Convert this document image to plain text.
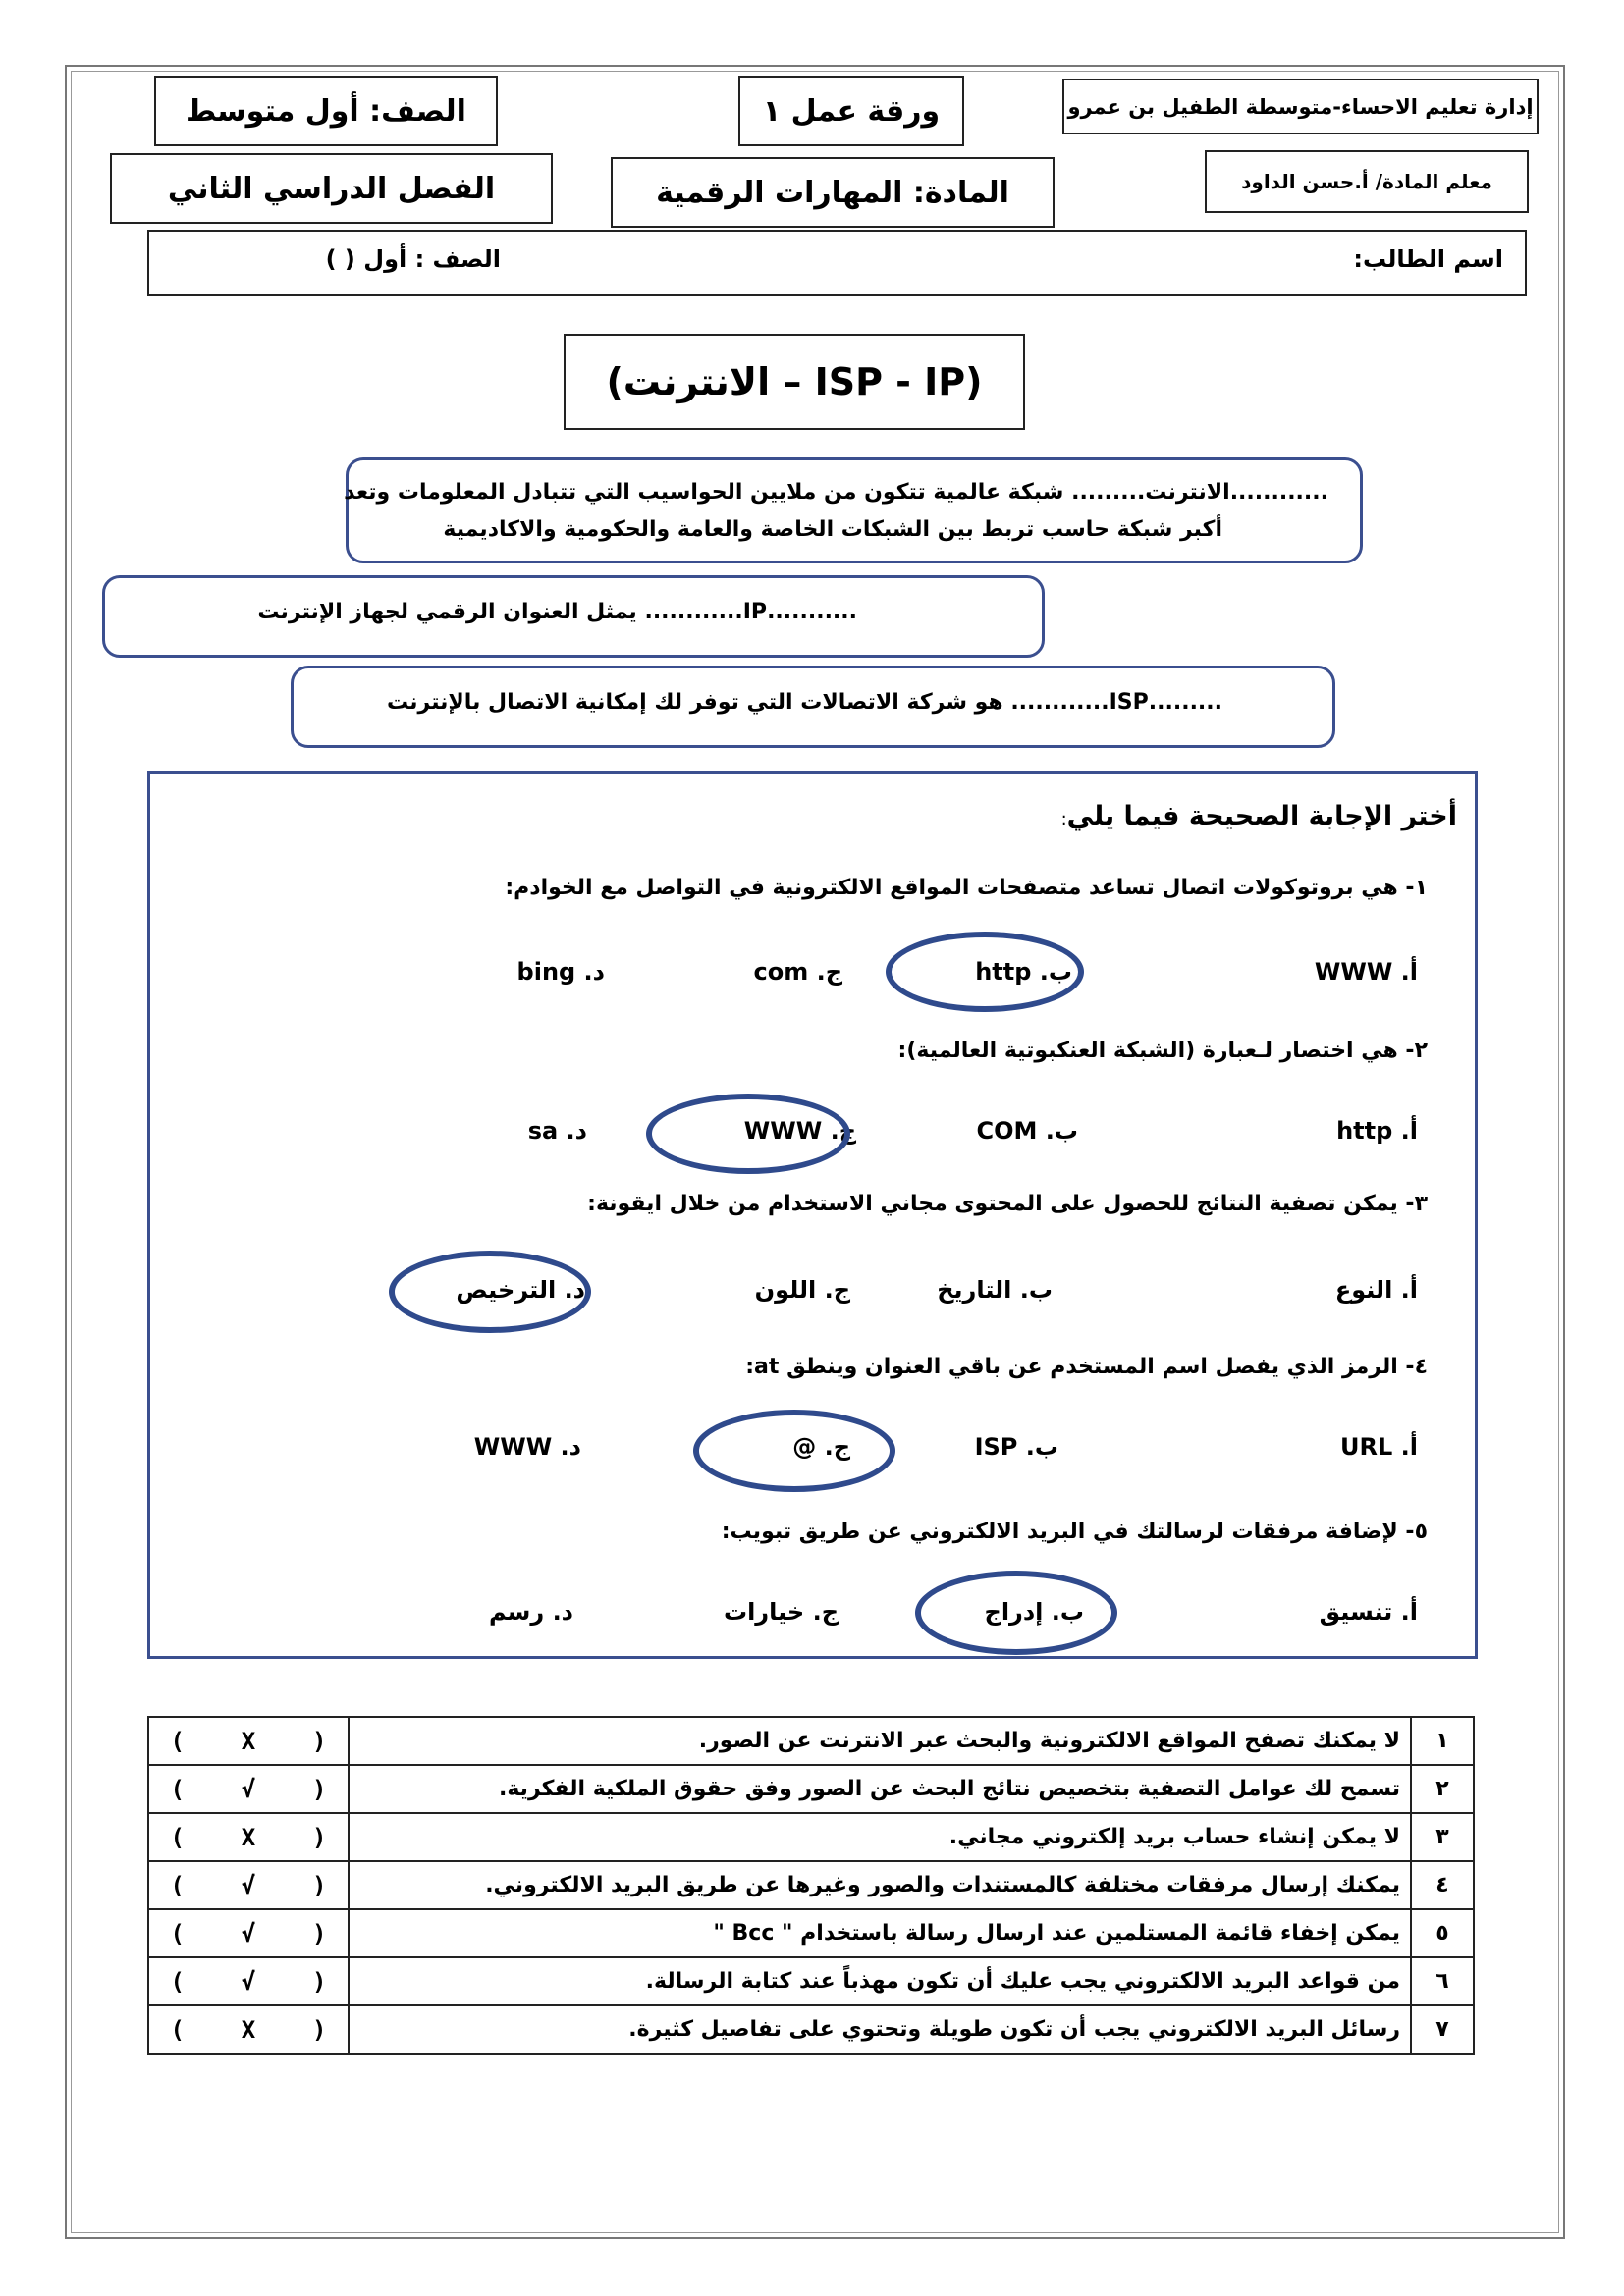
الصف: أول متوسط	ورقة عمل ١	إدارة تعليم الاحساء-متوسطة الطفيل بن عمرو
الفصل الدراسي الثاني	المادة: المهارات الرقمية	معلم المادة/ أ.حسن الداود
اسم الطالب:
الصف : أول ( )
(الانترنت – ISP - IP)
............الانترنت......... شبكة عالمية تتكون من ملايين الحواسيب التي تتبادل المعلومات وتعد
أكبر شبكة حاسب تربط بين الشبكات الخاصة والعامة والحكومية والاكاديمية
...........IP............ يمثل العنوان الرقمي لجهاز الإنترنت
.........ISP............ هو شركة الاتصالات التي توفر لك إمكانية الاتصال بالإنترنت
أختر الإجابة الصحيحة فيما يلي:
١- هي بروتوكولات اتصال تساعد متصفحات المواقع الالكترونية في التواصل مع الخوادم:
أ. WWW
ب. http
ج. com
د. bing
٢- هي اختصار لـعبارة (الشبكة العنكبوتية العالمية):
أ. http
ب. COM
ج. WWW
د. sa
٣- يمكن تصفية النتائج للحصول على المحتوى مجاني الاستخدام من خلال ايقونة:
أ. النوع
ب. التاريخ
ج. اللون
د. الترخيص
٤- الرمز الذي يفصل اسم المستخدم عن باقي العنوان وينطق at:
أ. URL
ب. ISP
ج. @
د. WWW
٥- لإضافة مرفقات لرسالتك في البريد الالكتروني عن طريق تبويب:
أ. تنسيق
ب. إدراج
ج. خيارات
د. رسم
١	لا يمكنك تصفح المواقع الالكترونية والبحث عبر الانترنت عن الصور.	(    X    )
٢	تسمح لك عوامل التصفية بتخصيص نتائج البحث عن الصور وفق حقوق الملكية الفكرية.	(    √    )
٣	لا يمكن إنشاء حساب بريد إلكتروني مجاني.	(    X    )
٤	يمكنك إرسال مرفقات مختلفة كالمستندات والصور وغيرها عن طريق البريد الالكتروني.	(    √    )
٥	يمكن إخفاء قائمة المستلمين عند ارسال رسالة باستخدام " Bcc "	(    √    )
٦	من قواعد البريد الالكتروني يجب عليك أن تكون مهذباً عند كتابة الرسالة.	(    √    )
٧	رسائل البريد الالكتروني يجب أن تكون طويلة وتحتوي على تفاصيل كثيرة.	(    X    )
